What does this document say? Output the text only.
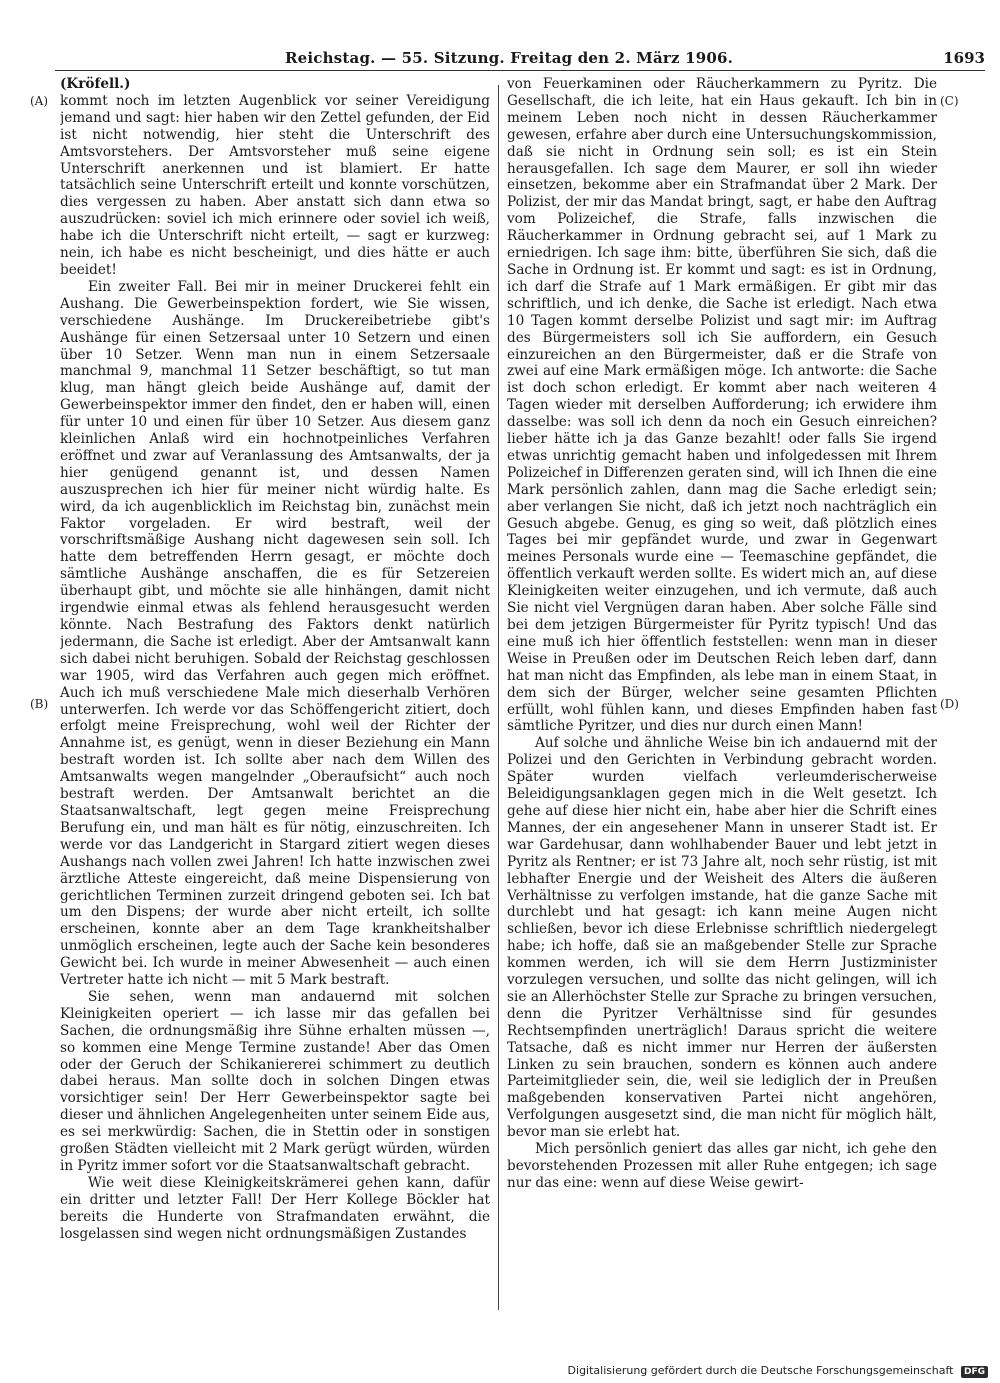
Reichstag. — 55. Sitzung. Freitag den 2. März 1906.	1693
(A)
(B)
(C)
(D)

(Kröfell.)

kommt noch im letzten Augenblick vor seiner Vereidigung jemand und sagt: hier haben wir den Zettel gefunden, der Eid ist nicht notwendig, hier steht die Unterschrift des Amtsvorstehers. Der Amtsvorsteher muß seine eigene Unterschrift anerkennen und ist blamiert. Er hatte tatsächlich seine Unterschrift erteilt und konnte vorschützen, dies vergessen zu haben. Aber anstatt sich dann etwa so auszudrücken: soviel ich mich erinnere oder soviel ich weiß, habe ich die Unterschrift nicht erteilt, — sagt er kurzweg: nein, ich habe es nicht bescheinigt, und dies hätte er auch beeidet!

Ein zweiter Fall. Bei mir in meiner Druckerei fehlt ein Aushang. Die Gewerbeinspektion fordert, wie Sie wissen, verschiedene Aushänge. Im Druckereibetriebe gibt's Aushänge für einen Setzersaal unter 10 Setzern und einen über 10 Setzer. Wenn man nun in einem Setzersaale manchmal 9, manchmal 11 Setzer beschäftigt, so tut man klug, man hängt gleich beide Aushänge auf, damit der Gewerbeinspektor immer den findet, den er haben will, einen für unter 10 und einen für über 10 Setzer. Aus diesem ganz kleinlichen Anlaß wird ein hochnotpeinliches Verfahren eröffnet und zwar auf Veranlassung des Amtsanwalts, der ja hier genügend genannt ist, und dessen Namen auszusprechen ich hier für meiner nicht würdig halte. Es wird, da ich augenblicklich im Reichstag bin, zunächst mein Faktor vorgeladen. Er wird bestraft, weil der vorschriftsmäßige Aushang nicht dagewesen sein soll. Ich hatte dem betreffenden Herrn gesagt, er möchte doch sämtliche Aushänge anschaffen, die es für Setzereien überhaupt gibt, und möchte sie alle hinhängen, damit nicht irgendwie einmal etwas als fehlend herausgesucht werden könnte. Nach Bestrafung des Faktors denkt natürlich jedermann, die Sache ist erledigt. Aber der Amtsanwalt kann sich dabei nicht beruhigen. Sobald der Reichstag geschlossen war 1905, wird das Verfahren auch gegen mich eröffnet. Auch ich muß verschiedene Male mich dieserhalb Verhören unterwerfen. Ich werde vor das Schöffengericht zitiert, doch erfolgt meine Freisprechung, wohl weil der Richter der Annahme ist, es genügt, wenn in dieser Beziehung ein Mann bestraft worden ist. Ich sollte aber nach dem Willen des Amtsanwalts wegen mangelnder „Oberaufsicht“ auch noch bestraft werden. Der Amtsanwalt berichtet an die Staatsanwaltschaft, legt gegen meine Freisprechung Berufung ein, und man hält es für nötig, einzuschreiten. Ich werde vor das Landgericht in Stargard zitiert wegen dieses Aushangs nach vollen zwei Jahren! Ich hatte inzwischen zwei ärztliche Atteste eingereicht, daß meine Dispensierung von gerichtlichen Terminen zurzeit dringend geboten sei. Ich bat um den Dispens; der wurde aber nicht erteilt, ich sollte erscheinen, konnte aber an dem Tage krankheitshalber unmöglich erscheinen, legte auch der Sache kein besonderes Gewicht bei. Ich wurde in meiner Abwesenheit — auch einen Vertreter hatte ich nicht — mit 5 Mark bestraft.

Sie sehen, wenn man andauernd mit solchen Kleinigkeiten operiert — ich lasse mir das gefallen bei Sachen, die ordnungsmäßig ihre Sühne erhalten müssen —, so kommen eine Menge Termine zustande! Aber das Omen oder der Geruch der Schikaniererei schimmert zu deutlich dabei heraus. Man sollte doch in solchen Dingen etwas vorsichtiger sein! Der Herr Gewerbeinspektor sagte bei dieser und ähnlichen Angelegenheiten unter seinem Eide aus, es sei merkwürdig: Sachen, die in Stettin oder in sonstigen großen Städten vielleicht mit 2 Mark gerügt würden, würden in Pyritz immer sofort vor die Staatsanwaltschaft gebracht.

Wie weit diese Kleinigkeitskrämerei gehen kann, dafür ein dritter und letzter Fall! Der Herr Kollege Böckler hat bereits die Hunderte von Strafmandaten erwähnt, die losgelassen sind wegen nicht ordnungsmäßigen Zustandes

von Feuerkaminen oder Räucherkammern zu Pyritz. Die Gesellschaft, die ich leite, hat ein Haus gekauft. Ich bin in meinem Leben noch nicht in dessen Räucherkammer gewesen, erfahre aber durch eine Untersuchungskommission, daß sie nicht in Ordnung sein soll; es ist ein Stein herausgefallen. Ich sage dem Maurer, er soll ihn wieder einsetzen, bekomme aber ein Strafmandat über 2 Mark. Der Polizist, der mir das Mandat bringt, sagt, er habe den Auftrag vom Polizeichef, die Strafe, falls inzwischen die Räucherkammer in Ordnung gebracht sei, auf 1 Mark zu erniedrigen. Ich sage ihm: bitte, überführen Sie sich, daß die Sache in Ordnung ist. Er kommt und sagt: es ist in Ordnung, ich darf die Strafe auf 1 Mark ermäßigen. Er gibt mir das schriftlich, und ich denke, die Sache ist erledigt. Nach etwa 10 Tagen kommt derselbe Polizist und sagt mir: im Auftrag des Bürgermeisters soll ich Sie auffordern, ein Gesuch einzureichen an den Bürgermeister, daß er die Strafe von zwei auf eine Mark ermäßigen möge. Ich antworte: die Sache ist doch schon erledigt. Er kommt aber nach weiteren 4 Tagen wieder mit derselben Aufforderung; ich erwidere ihm dasselbe: was soll ich denn da noch ein Gesuch einreichen? lieber hätte ich ja das Ganze bezahlt! oder falls Sie irgend etwas unrichtig gemacht haben und infolgedessen mit Ihrem Polizeichef in Differenzen geraten sind, will ich Ihnen die eine Mark persönlich zahlen, dann mag die Sache erledigt sein; aber verlangen Sie nicht, daß ich jetzt noch nachträglich ein Gesuch abgebe. Genug, es ging so weit, daß plötzlich eines Tages bei mir gepfändet wurde, und zwar in Gegenwart meines Personals wurde eine — Teemaschine gepfändet, die öffentlich verkauft werden sollte. Es widert mich an, auf diese Kleinigkeiten weiter einzugehen, und ich vermute, daß auch Sie nicht viel Vergnügen daran haben. Aber solche Fälle sind bei dem jetzigen Bürgermeister für Pyritz typisch! Und das eine muß ich hier öffentlich feststellen: wenn man in dieser Weise in Preußen oder im Deutschen Reich leben darf, dann hat man nicht das Empfinden, als lebe man in einem Staat, in dem sich der Bürger, welcher seine gesamten Pflichten erfüllt, wohl fühlen kann, und dieses Empfinden haben fast sämtliche Pyritzer, und dies nur durch einen Mann!

Auf solche und ähnliche Weise bin ich andauernd mit der Polizei und den Gerichten in Verbindung gebracht worden. Später wurden vielfach verleumderischerweise Beleidigungsanklagen gegen mich in die Welt gesetzt. Ich gehe auf diese hier nicht ein, habe aber hier die Schrift eines Mannes, der ein angesehener Mann in unserer Stadt ist. Er war Gardehusar, dann wohlhabender Bauer und lebt jetzt in Pyritz als Rentner; er ist 73 Jahre alt, noch sehr rüstig, ist mit lebhafter Energie und der Weisheit des Alters die äußeren Verhältnisse zu verfolgen imstande, hat die ganze Sache mit durchlebt und hat gesagt: ich kann meine Augen nicht schließen, bevor ich diese Erlebnisse schriftlich niedergelegt habe; ich hoffe, daß sie an maßgebender Stelle zur Sprache kommen werden, ich will sie dem Herrn Justizminister vorzulegen versuchen, und sollte das nicht gelingen, will ich sie an Allerhöchster Stelle zur Sprache zu bringen versuchen, denn die Pyritzer Verhältnisse sind für gesundes Rechtsempfinden unerträglich! Daraus spricht die weitere Tatsache, daß es nicht immer nur Herren der äußersten Linken zu sein brauchen, sondern es können auch andere Parteimitglieder sein, die, weil sie lediglich der in Preußen maßgebenden konservativen Partei nicht angehören, Verfolgungen ausgesetzt sind, die man nicht für möglich hält, bevor man sie erlebt hat.

Mich persönlich geniert das alles gar nicht, ich gehe den bevorstehenden Prozessen mit aller Ruhe entgegen; ich sage nur das eine: wenn auf diese Weise gewirt-

Digitalisierung gefördert durch die Deutsche Forschungsgemeinschaft DFG
